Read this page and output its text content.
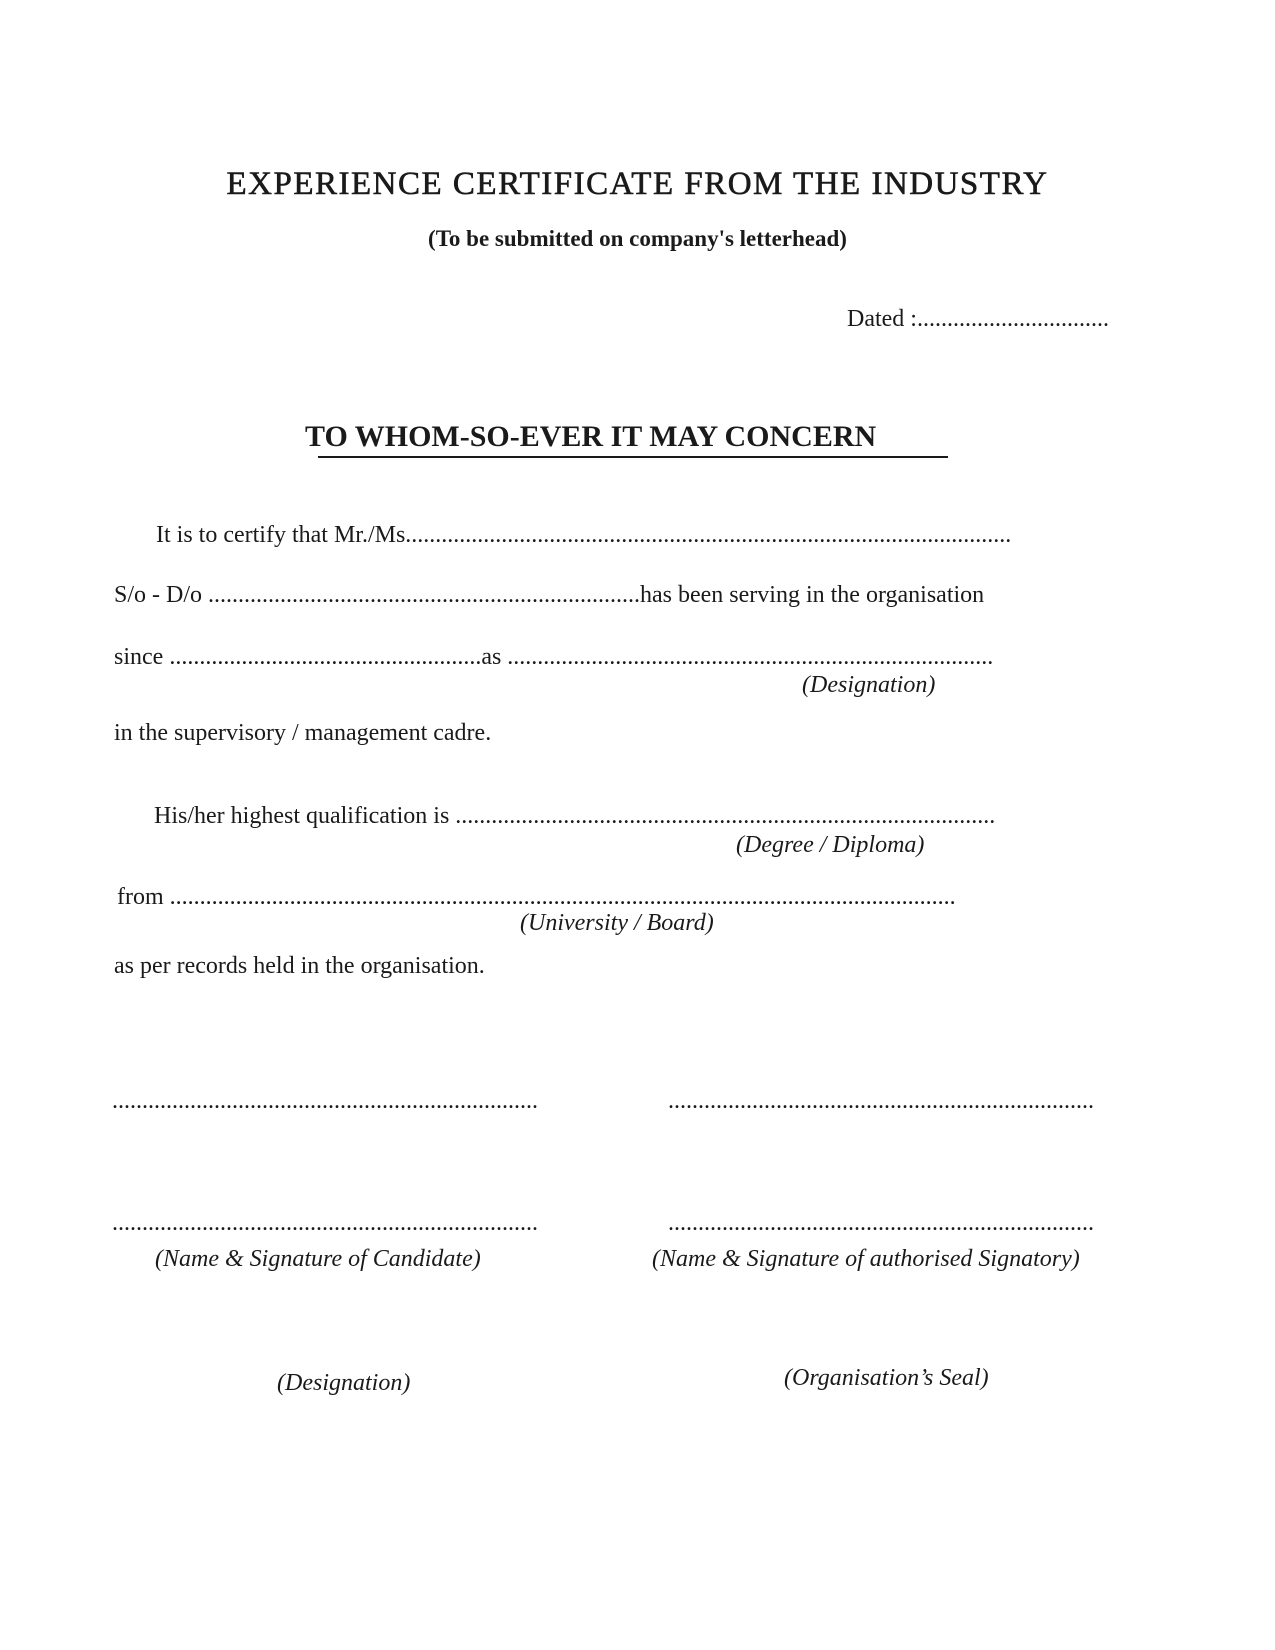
EXPERIENCE CERTIFICATE FROM THE INDUSTRY
(To be submitted on company's letterhead)
Dated :................................
TO WHOM-SO-EVER IT MAY CONCERN
It is to certify that Mr./Ms.....................................................................................................
S/o - D/o ........................................................................has been serving in the organisation
since ....................................................as .................................................................................
(Designation)
in the supervisory / management cadre.
His/her highest qualification is ..........................................................................................
(Degree / Diploma)
from ...................................................................................................................................
(University / Board)
as per records held in the organisation.
.......................................................................	.......................................................................
.......................................................................	.......................................................................
(Name & Signature of Candidate)	(Name & Signature of authorised Signatory)
(Designation)	(Organisation’s Seal)
